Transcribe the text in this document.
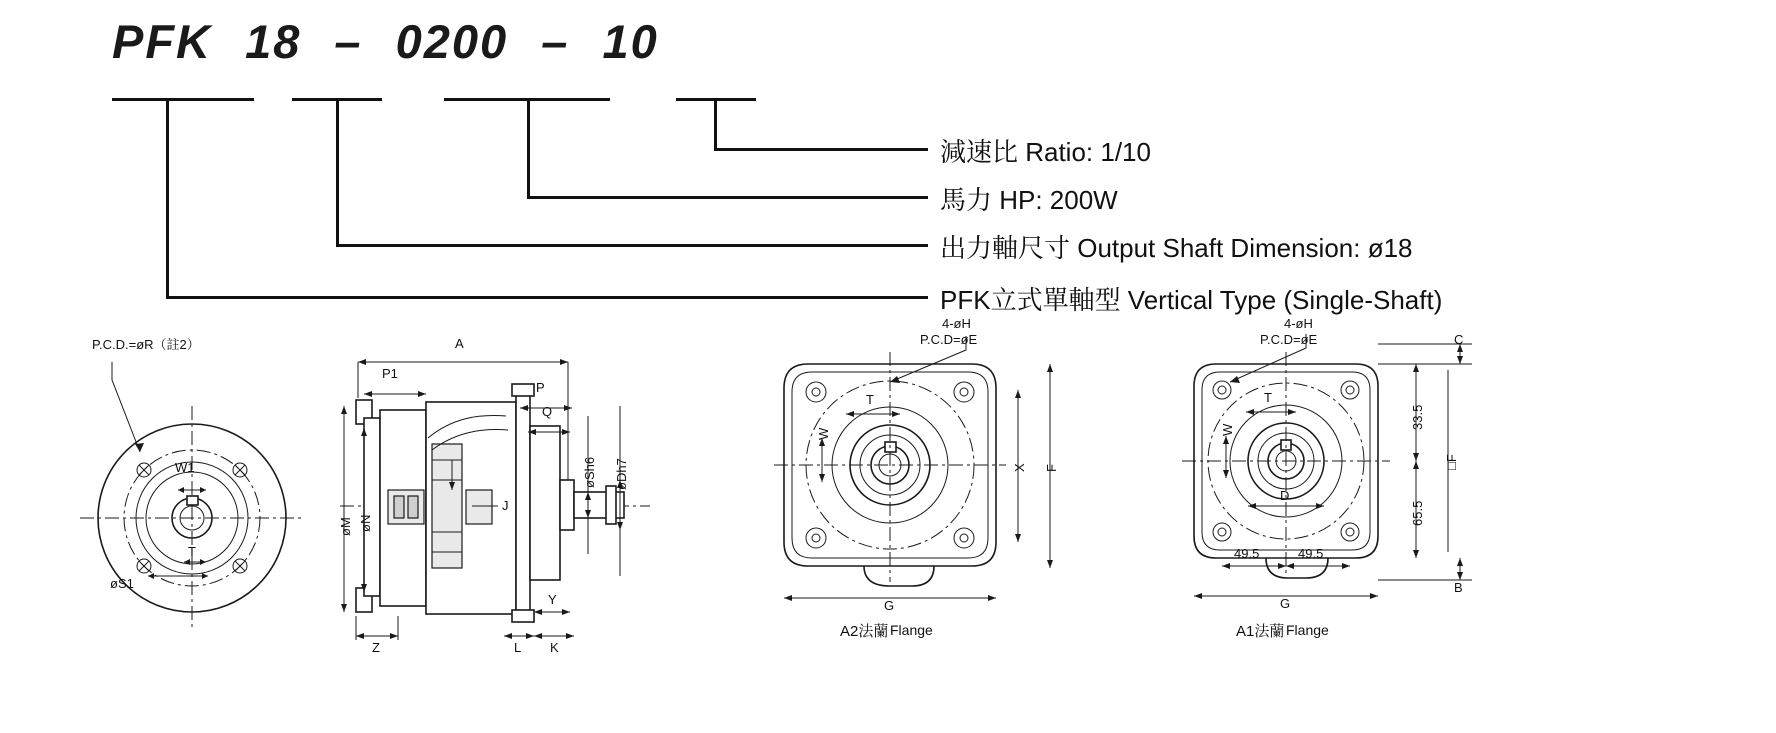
PFK 18 – 0200 – 10
減速比 Ratio: 1/10
馬力 HP: 200W
出力軸尺寸 Output Shaft Dimension: ø18
PFK立式單軸型 Vertical Type (Single-Shaft)
P.C.D.=øR（註2）
W1
øS1
T
A
P1
P
Q
øSh6 øDh7
øM øN
J
Z	L K
Y
4-øH
P.C.D=øE
T
W
X F
G
A2法蘭 Flange
4-øH
P.C.D=øE
T
W
D
33.5
65.5
C
B
□F
49.5	49.5
G
A1法蘭 Flange
